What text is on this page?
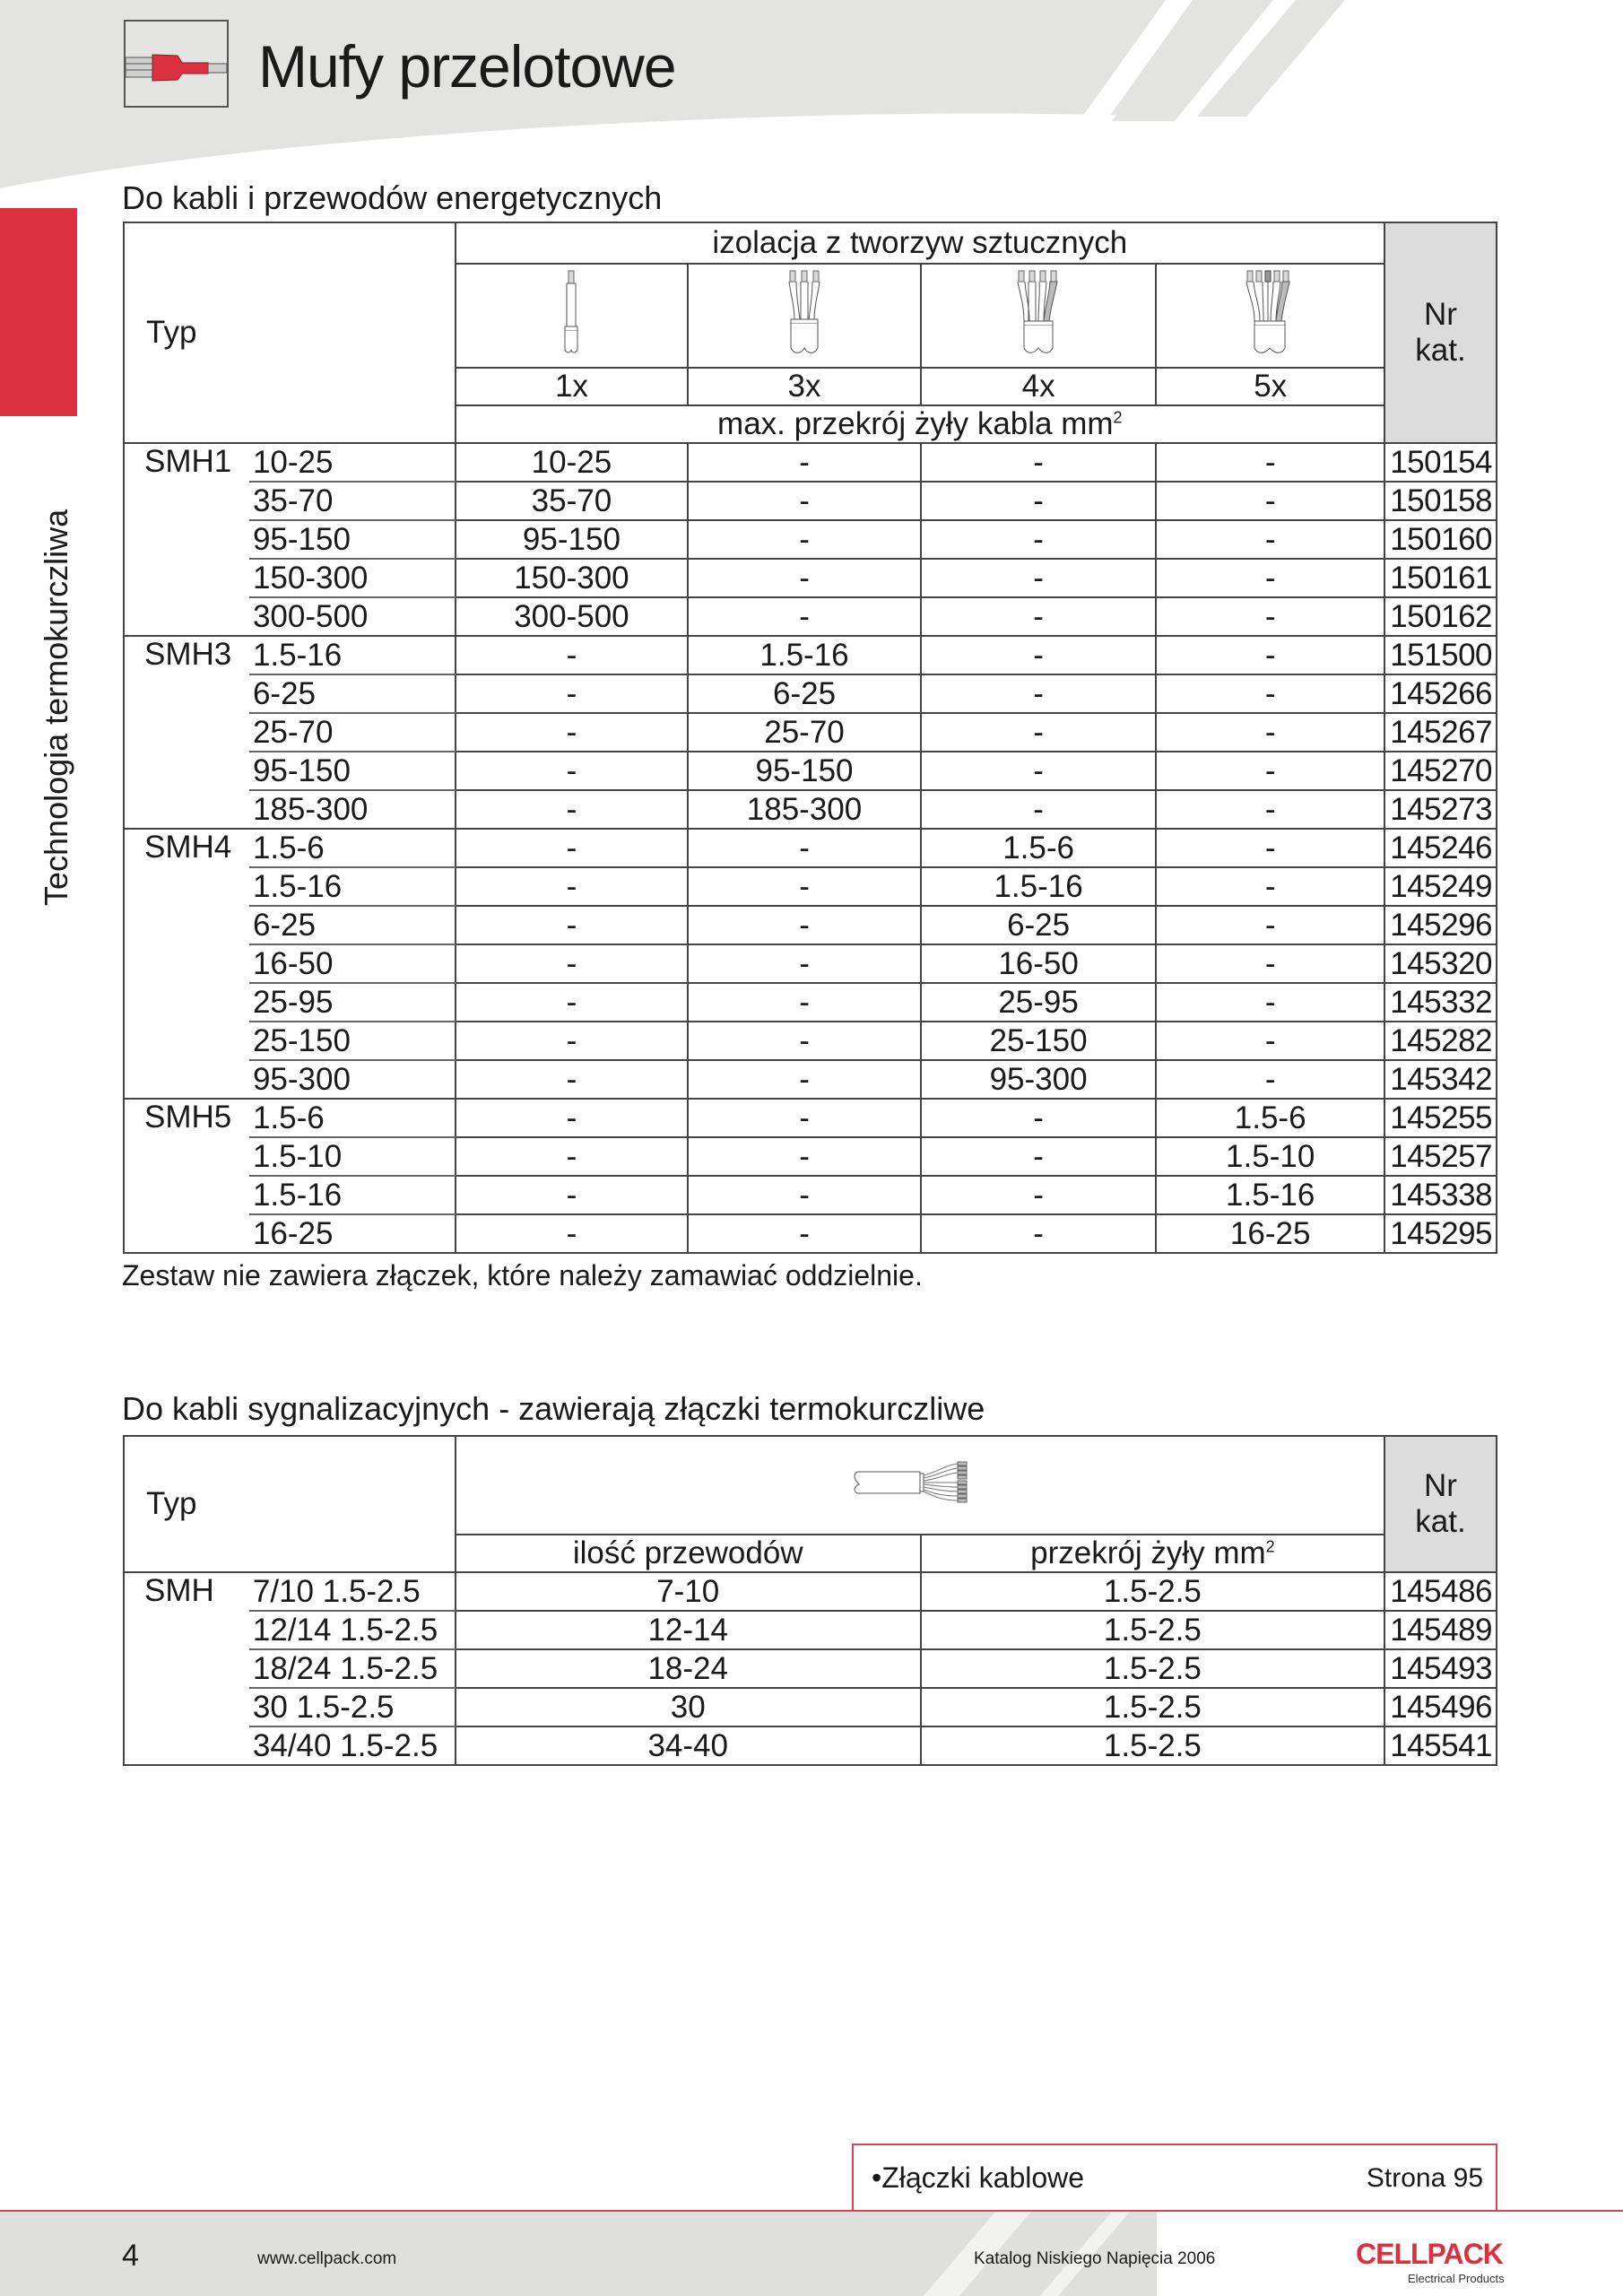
Mufy przelotowe
Technologia termokurczliwa
Do kabli i przewodów energetycznych
Typ		izolacja z tworzyw sztucznych				Nr
kat.

		1x	3x	4x	5x	
		max. przekrój żyły kabla $mm^2$
SMH1	10-25	10-25	-	-	-	150154
	35-70	35-70	-	-	-	150158
	95-150	95-150	-	-	-	150160
	150-300	150-300	-	-	-	150161
	300-500	300-500	-	-	-	150162
SMH3	1.5-16	-	1.5-16	-	-	151500
	6-25	-	6-25	-	-	145266
	25-70	-	25-70	-	-	145267
	95-150	-	95-150	-	-	145270
	185-300	-	185-300	-	-	145273
SMH4	1.5-6	-	-	1.5-6	-	145246
	1.5-16	-	-	1.5-16	-	145249
	6-25	-	-	6-25	-	145296
	16-50	-	-	16-50	-	145320
	25-95	-	-	25-95	-	145332
	25-150	-	-	25-150	-	145282
	95-300	-	-	95-300	-	145342
SMH5	1.5-6	-	-	-	1.5-6	145255
	1.5-10	-	-	-	1.5-10	145257
	1.5-16	-	-	-	1.5-16	145338
	16-25	-	-	-	16-25	145295
Zestaw nie zawiera złączek, które należy zamawiać oddzielnie.
Do kabli sygnalizacyjnych - zawierają złączki termokurczliwe
Typ				Nr
kat.

		ilość przewodów	przekrój żyły $mm^2$
SMH	7/10 1.5-2.5	7-10	1.5-2.5	145486
	12/14 1.5-2.5	12-14	1.5-2.5	145489
	18/24 1.5-2.5	18-24	1.5-2.5	145493
	30 1.5-2.5	30	1.5-2.5	145496
	34/40 1.5-2.5	34-40	1.5-2.5	145541
•Złączki kablowe	Strona 95
4	www.cellpack.com	Katalog Niskiego Napięcia 2006	CELLPACK
Electrical Products
